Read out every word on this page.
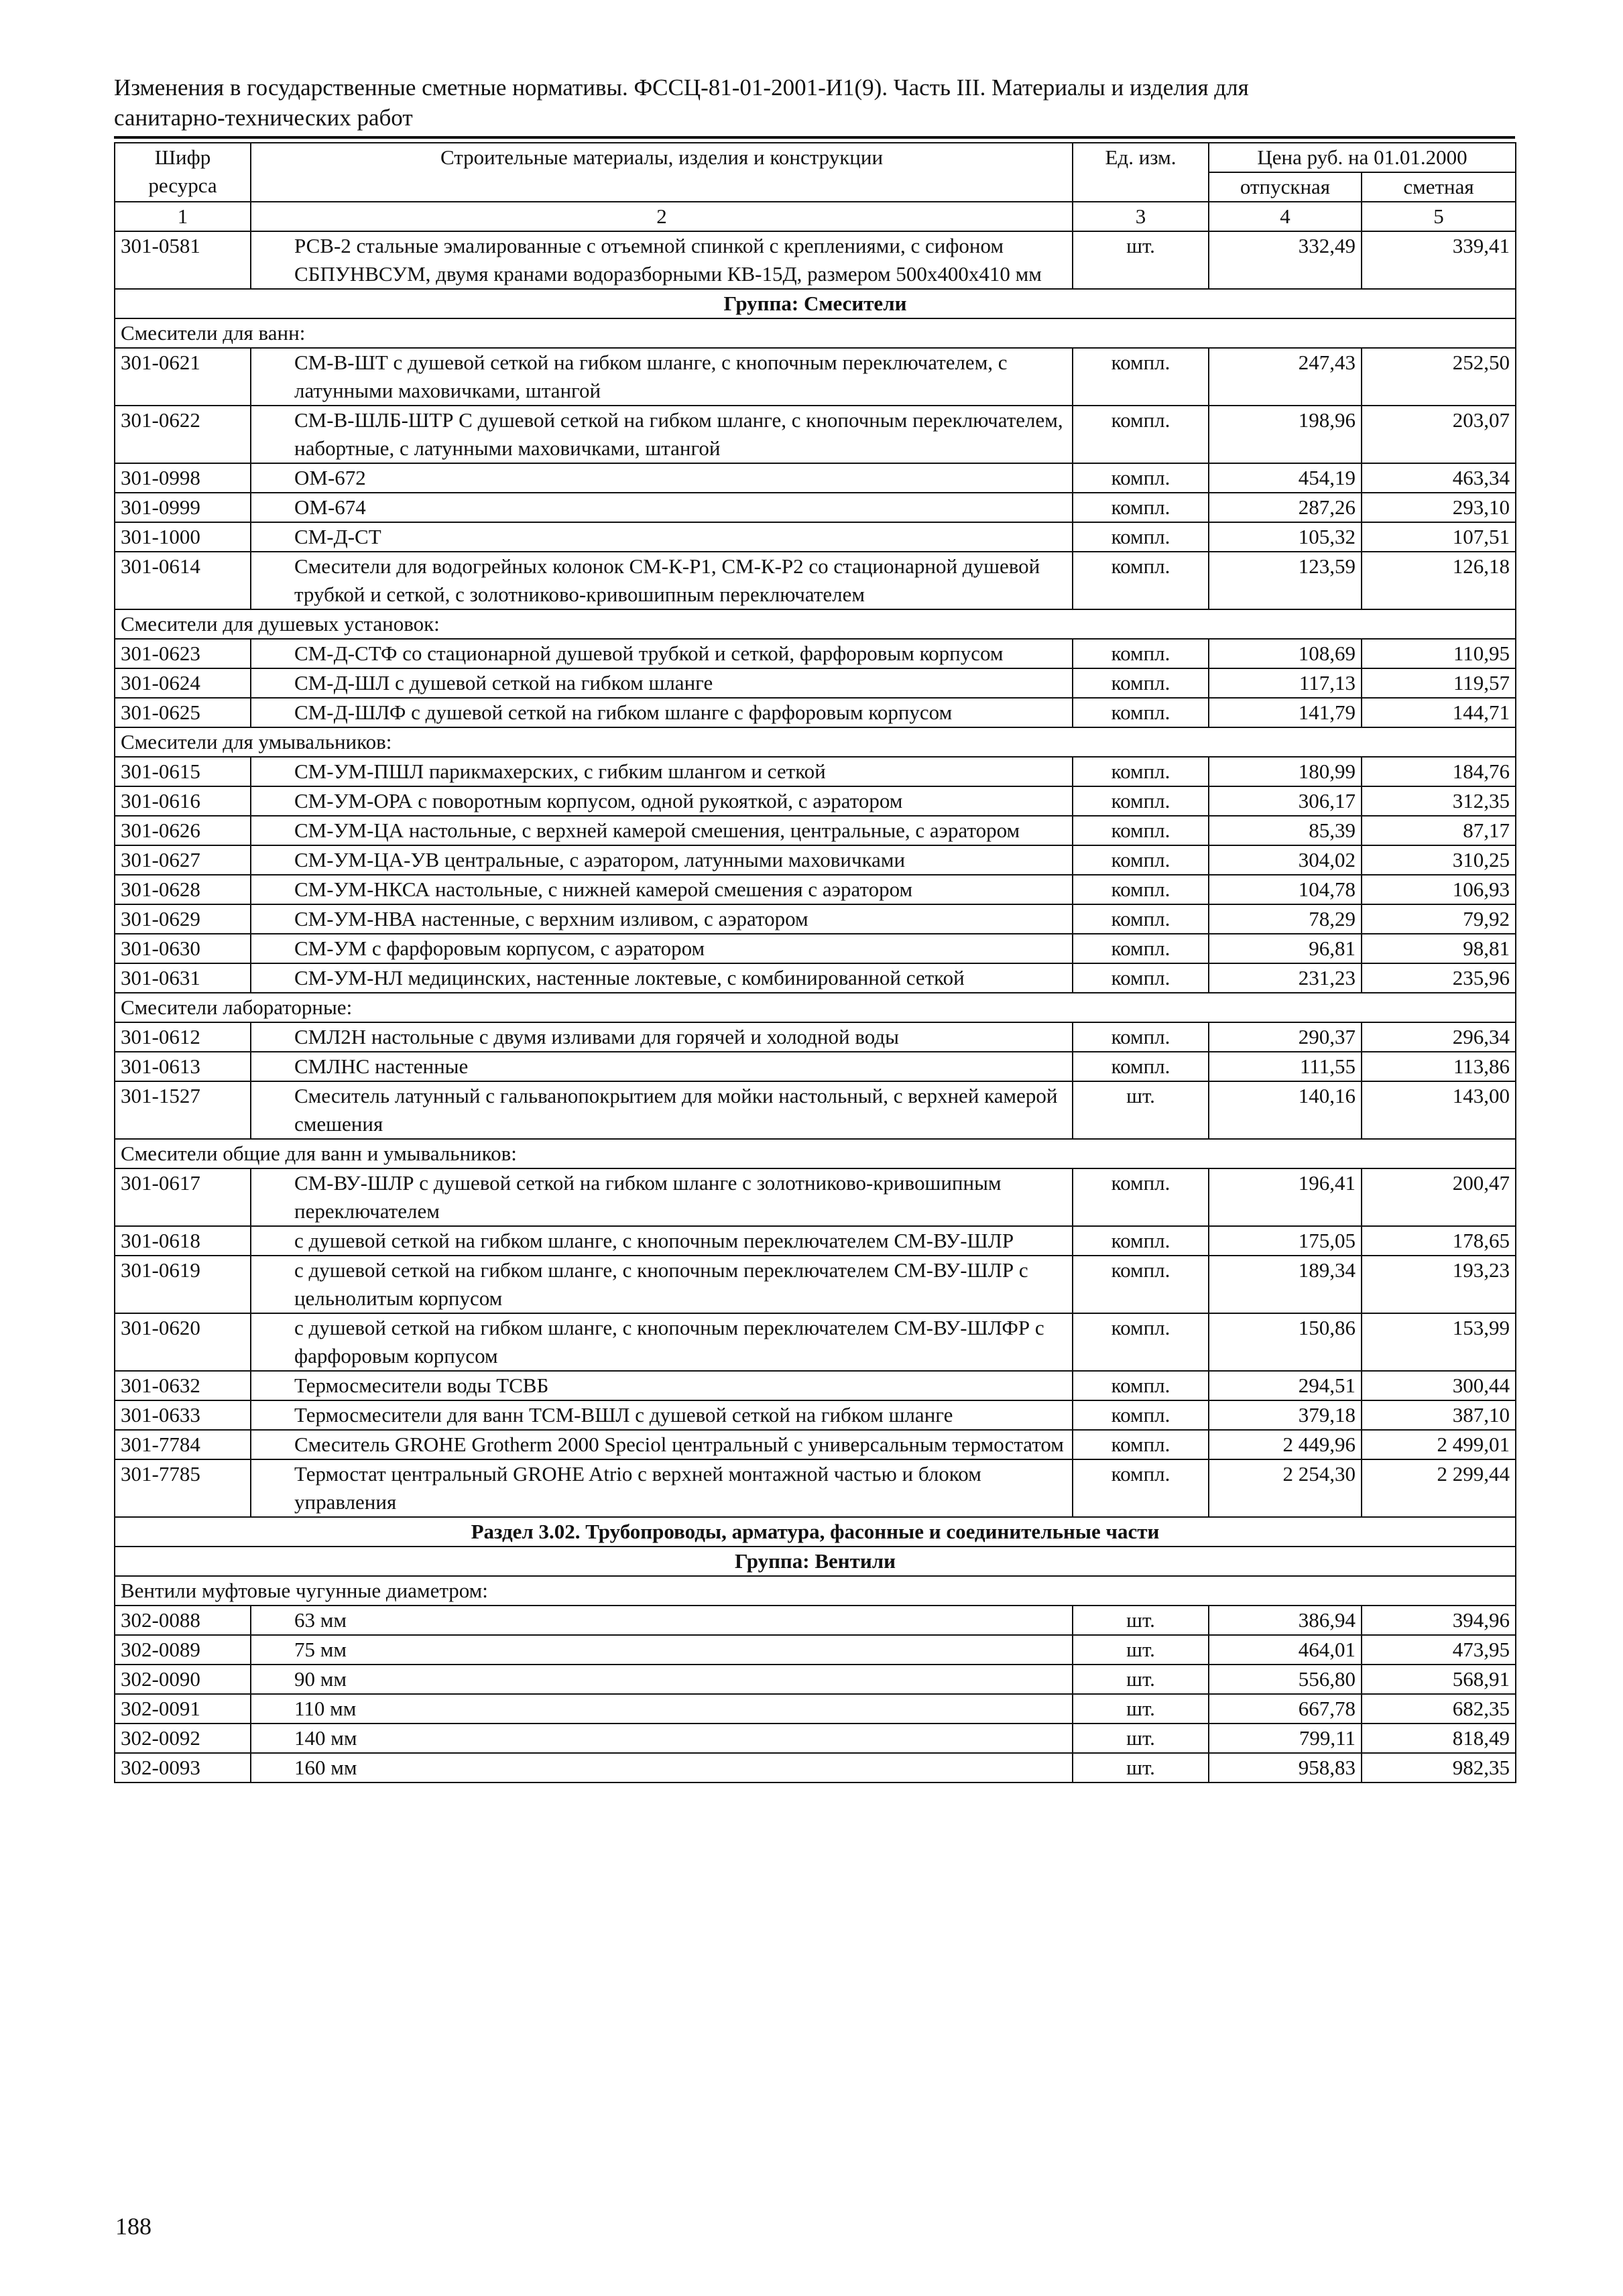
Изменения в государственные сметные нормативы. ФССЦ-81-01-2001-И1(9). Часть III. Материалы и изделия для
санитарно-технических работ
Шифр ресурса	Строительные материалы, изделия и конструкции	Ед. изм.	Цена руб. на 01.01.2000	
			отпускная	сметная
1	2	3	4	5
301-0581	РСВ-2 стальные эмалированные с отъемной спинкой с креплениями, с сифоном СБПУНВСУМ, двумя кранами водоразборными КВ-15Д, размером 500х400х410 мм	шт.	332,49	339,41
Группа: Смесители				
Смесители для ванн:				
301-0621	СМ-В-ШТ с душевой сеткой на гибком шланге, с кнопочным переключателем, с латунными маховичками, штангой	компл.	247,43	252,50
301-0622	СМ-В-ШЛБ-ШТР С душевой сеткой на гибком шланге, с кнопочным переключателем, набортные, с латунными маховичками, штангой	компл.	198,96	203,07
301-0998	ОМ-672	компл.	454,19	463,34
301-0999	ОМ-674	компл.	287,26	293,10
301-1000	СМ-Д-СТ	компл.	105,32	107,51
301-0614	Смесители для водогрейных колонок СМ-К-Р1, СМ-К-Р2 со стационарной душевой трубкой и сеткой, с золотниково-кривошипным переключателем	компл.	123,59	126,18
Смесители для душевых установок:				
301-0623	СМ-Д-СТФ со стационарной душевой трубкой и сеткой, фарфоровым корпусом	компл.	108,69	110,95
301-0624	СМ-Д-ШЛ с душевой сеткой на гибком шланге	компл.	117,13	119,57
301-0625	СМ-Д-ШЛФ с душевой сеткой на гибком шланге с фарфоровым корпусом	компл.	141,79	144,71
Смесители для умывальников:				
301-0615	СМ-УМ-ПШЛ парикмахерских, с гибким шлангом и сеткой	компл.	180,99	184,76
301-0616	СМ-УМ-ОРА с поворотным корпусом, одной рукояткой, с аэратором	компл.	306,17	312,35
301-0626	СМ-УМ-ЦА настольные, с верхней камерой смешения, центральные, с аэратором	компл.	85,39	87,17
301-0627	СМ-УМ-ЦА-УВ центральные, с аэратором, латунными маховичками	компл.	304,02	310,25
301-0628	СМ-УМ-НКСА настольные, с нижней камерой смешения с аэратором	компл.	104,78	106,93
301-0629	СМ-УМ-НВА настенные, с верхним изливом, с аэратором	компл.	78,29	79,92
301-0630	СМ-УМ с фарфоровым корпусом, с аэратором	компл.	96,81	98,81
301-0631	СМ-УМ-НЛ медицинских, настенные локтевые, с комбинированной сеткой	компл.	231,23	235,96
Смесители лабораторные:				
301-0612	СМЛ2Н настольные с двумя изливами для горячей и холодной воды	компл.	290,37	296,34
301-0613	СМЛНС настенные	компл.	111,55	113,86
301-1527	Смеситель латунный с гальванопокрытием для мойки настольный, с верхней камерой смешения	шт.	140,16	143,00
Смесители общие для ванн и умывальников:				
301-0617	СМ-ВУ-ШЛР с душевой сеткой на гибком шланге с золотниково-кривошипным переключателем	компл.	196,41	200,47
301-0618	с душевой сеткой на гибком шланге, с кнопочным переключателем СМ-ВУ-ШЛР	компл.	175,05	178,65
301-0619	с душевой сеткой на гибком шланге, с кнопочным переключателем СМ-ВУ-ШЛР с цельнолитым корпусом	компл.	189,34	193,23
301-0620	с душевой сеткой на гибком шланге, с кнопочным переключателем СМ-ВУ-ШЛФР с фарфоровым корпусом	компл.	150,86	153,99
301-0632	Термосмесители воды ТСВБ	компл.	294,51	300,44
301-0633	Термосмесители для ванн ТСМ-ВШЛ с душевой сеткой на гибком шланге	компл.	379,18	387,10
301-7784	Смеситель GROHE Grotherm 2000 Speciol центральный с универсальным термостатом	компл.	2 449,96	2 499,01
301-7785	Термостат центральный GROHE Atrio с верхней монтажной частью и блоком управления	компл.	2 254,30	2 299,44
Раздел 3.02. Трубопроводы, арматура, фасонные и соединительные части				
Группа: Вентили				
Вентили муфтовые чугунные диаметром:				
302-0088	63 мм	шт.	386,94	394,96
302-0089	75 мм	шт.	464,01	473,95
302-0090	90 мм	шт.	556,80	568,91
302-0091	110 мм	шт.	667,78	682,35
302-0092	140 мм	шт.	799,11	818,49
302-0093	160 мм	шт.	958,83	982,35
188
